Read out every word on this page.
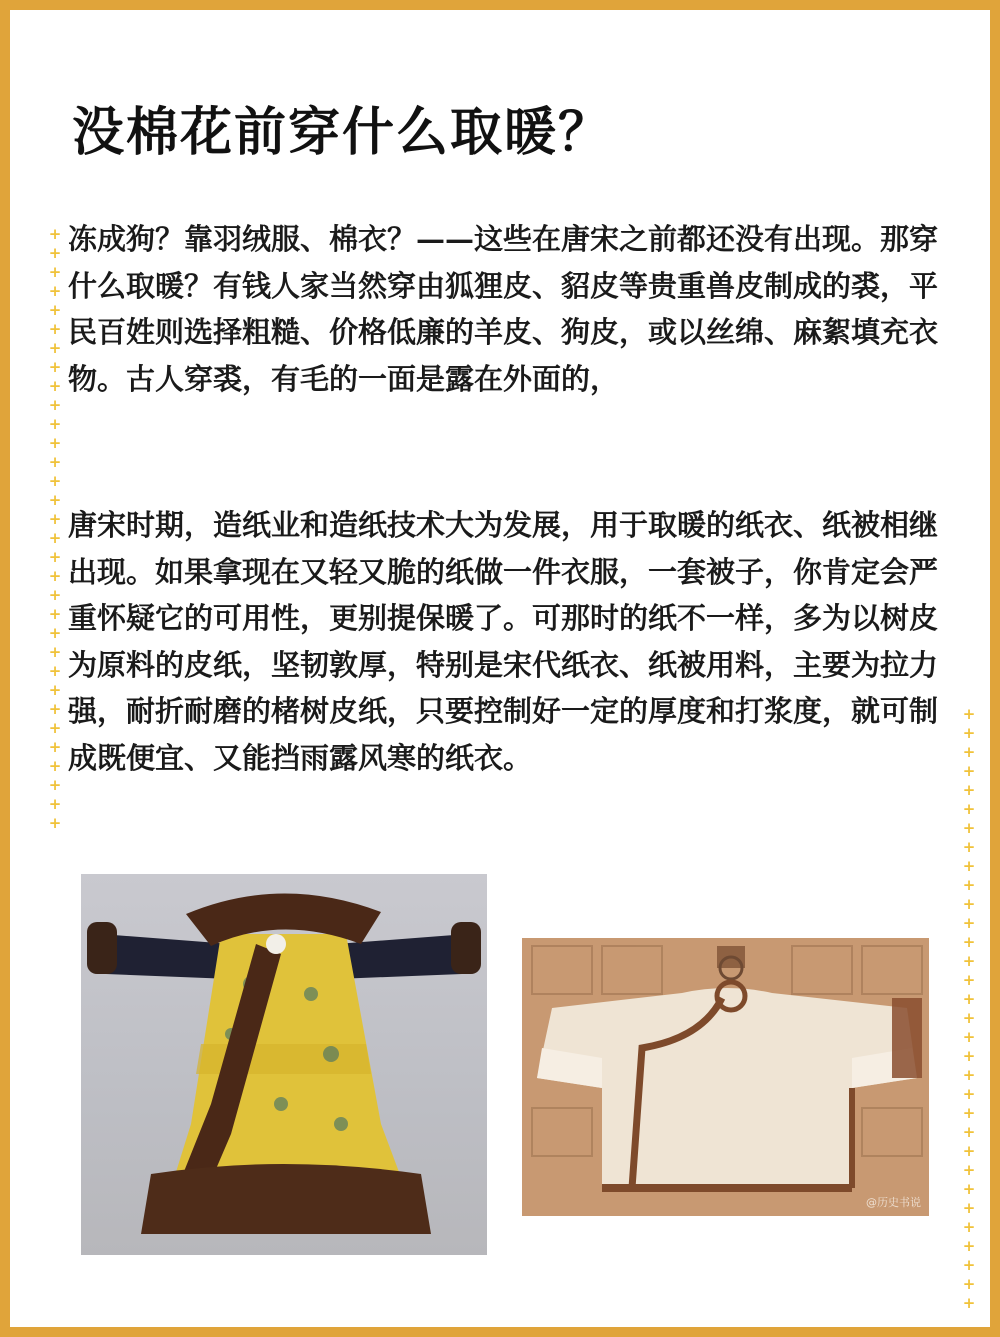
没棉花前穿什么取暖？
+
+
+
+
+
+
+
+
+
+
+
+
+
+
+
+
+
+
+
+
+
+
+
+
+
+
+
+
+
+
+
+
+
+
+
+
+
+
+
+
+
+
+
+
+
+
+
+
+
+
+
+
+
+
+
+
+
+
+
+
+
+
+
+

冻成狗？靠羽绒服、棉衣？——这些在唐宋之前都还没有出现。那穿什么取暖？有钱人家当然穿由狐狸皮、貂皮等贵重兽皮制成的裘，平民百姓则选择粗糙、价格低廉的羊皮、狗皮，或以丝绵、麻絮填充衣物。古人穿裘，有毛的一面是露在外面的，

唐宋时期，造纸业和造纸技术大为发展，用于取暖的纸衣、纸被相继出现。如果拿现在又轻又脆的纸做一件衣服，一套被子，你肯定会严重怀疑它的可用性，更别提保暖了。可那时的纸不一样，多为以树皮为原料的皮纸，坚韧敦厚，特别是宋代纸衣、纸被用料，主要为拉力强，耐折耐磨的楮树皮纸，只要控制好一定的厚度和打浆度，就可制成既便宜、又能挡雨露风寒的纸衣。

@历史书说
